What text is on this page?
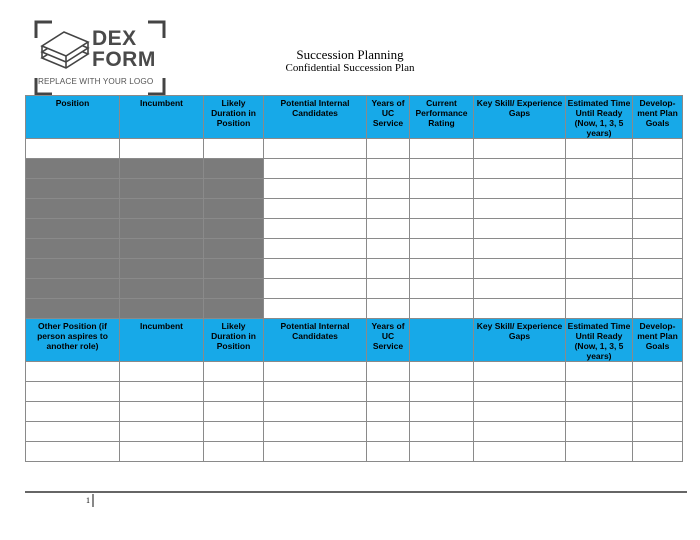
DEX
FORM
REPLACE WITH YOUR LOGO
Succession Planning
Confidential Succession Plan
Position	Incumbent	Likely Duration in Position	Potential Internal Candidates	Years of UC Service	Current Performance Rating	Key Skill/ Experience Gaps	Estimated Time Until Ready (Now, 1, 3, 5 years)	Develop-ment Plan Goals

Other Position (if person aspires to another role)	Incumbent	Likely Duration in Position	Potential Internal Candidates	Years of UC Service		Key Skill/ Experience Gaps	Estimated Time Until Ready (Now, 1, 3, 5 years)	Develop-ment Plan Goals

1
